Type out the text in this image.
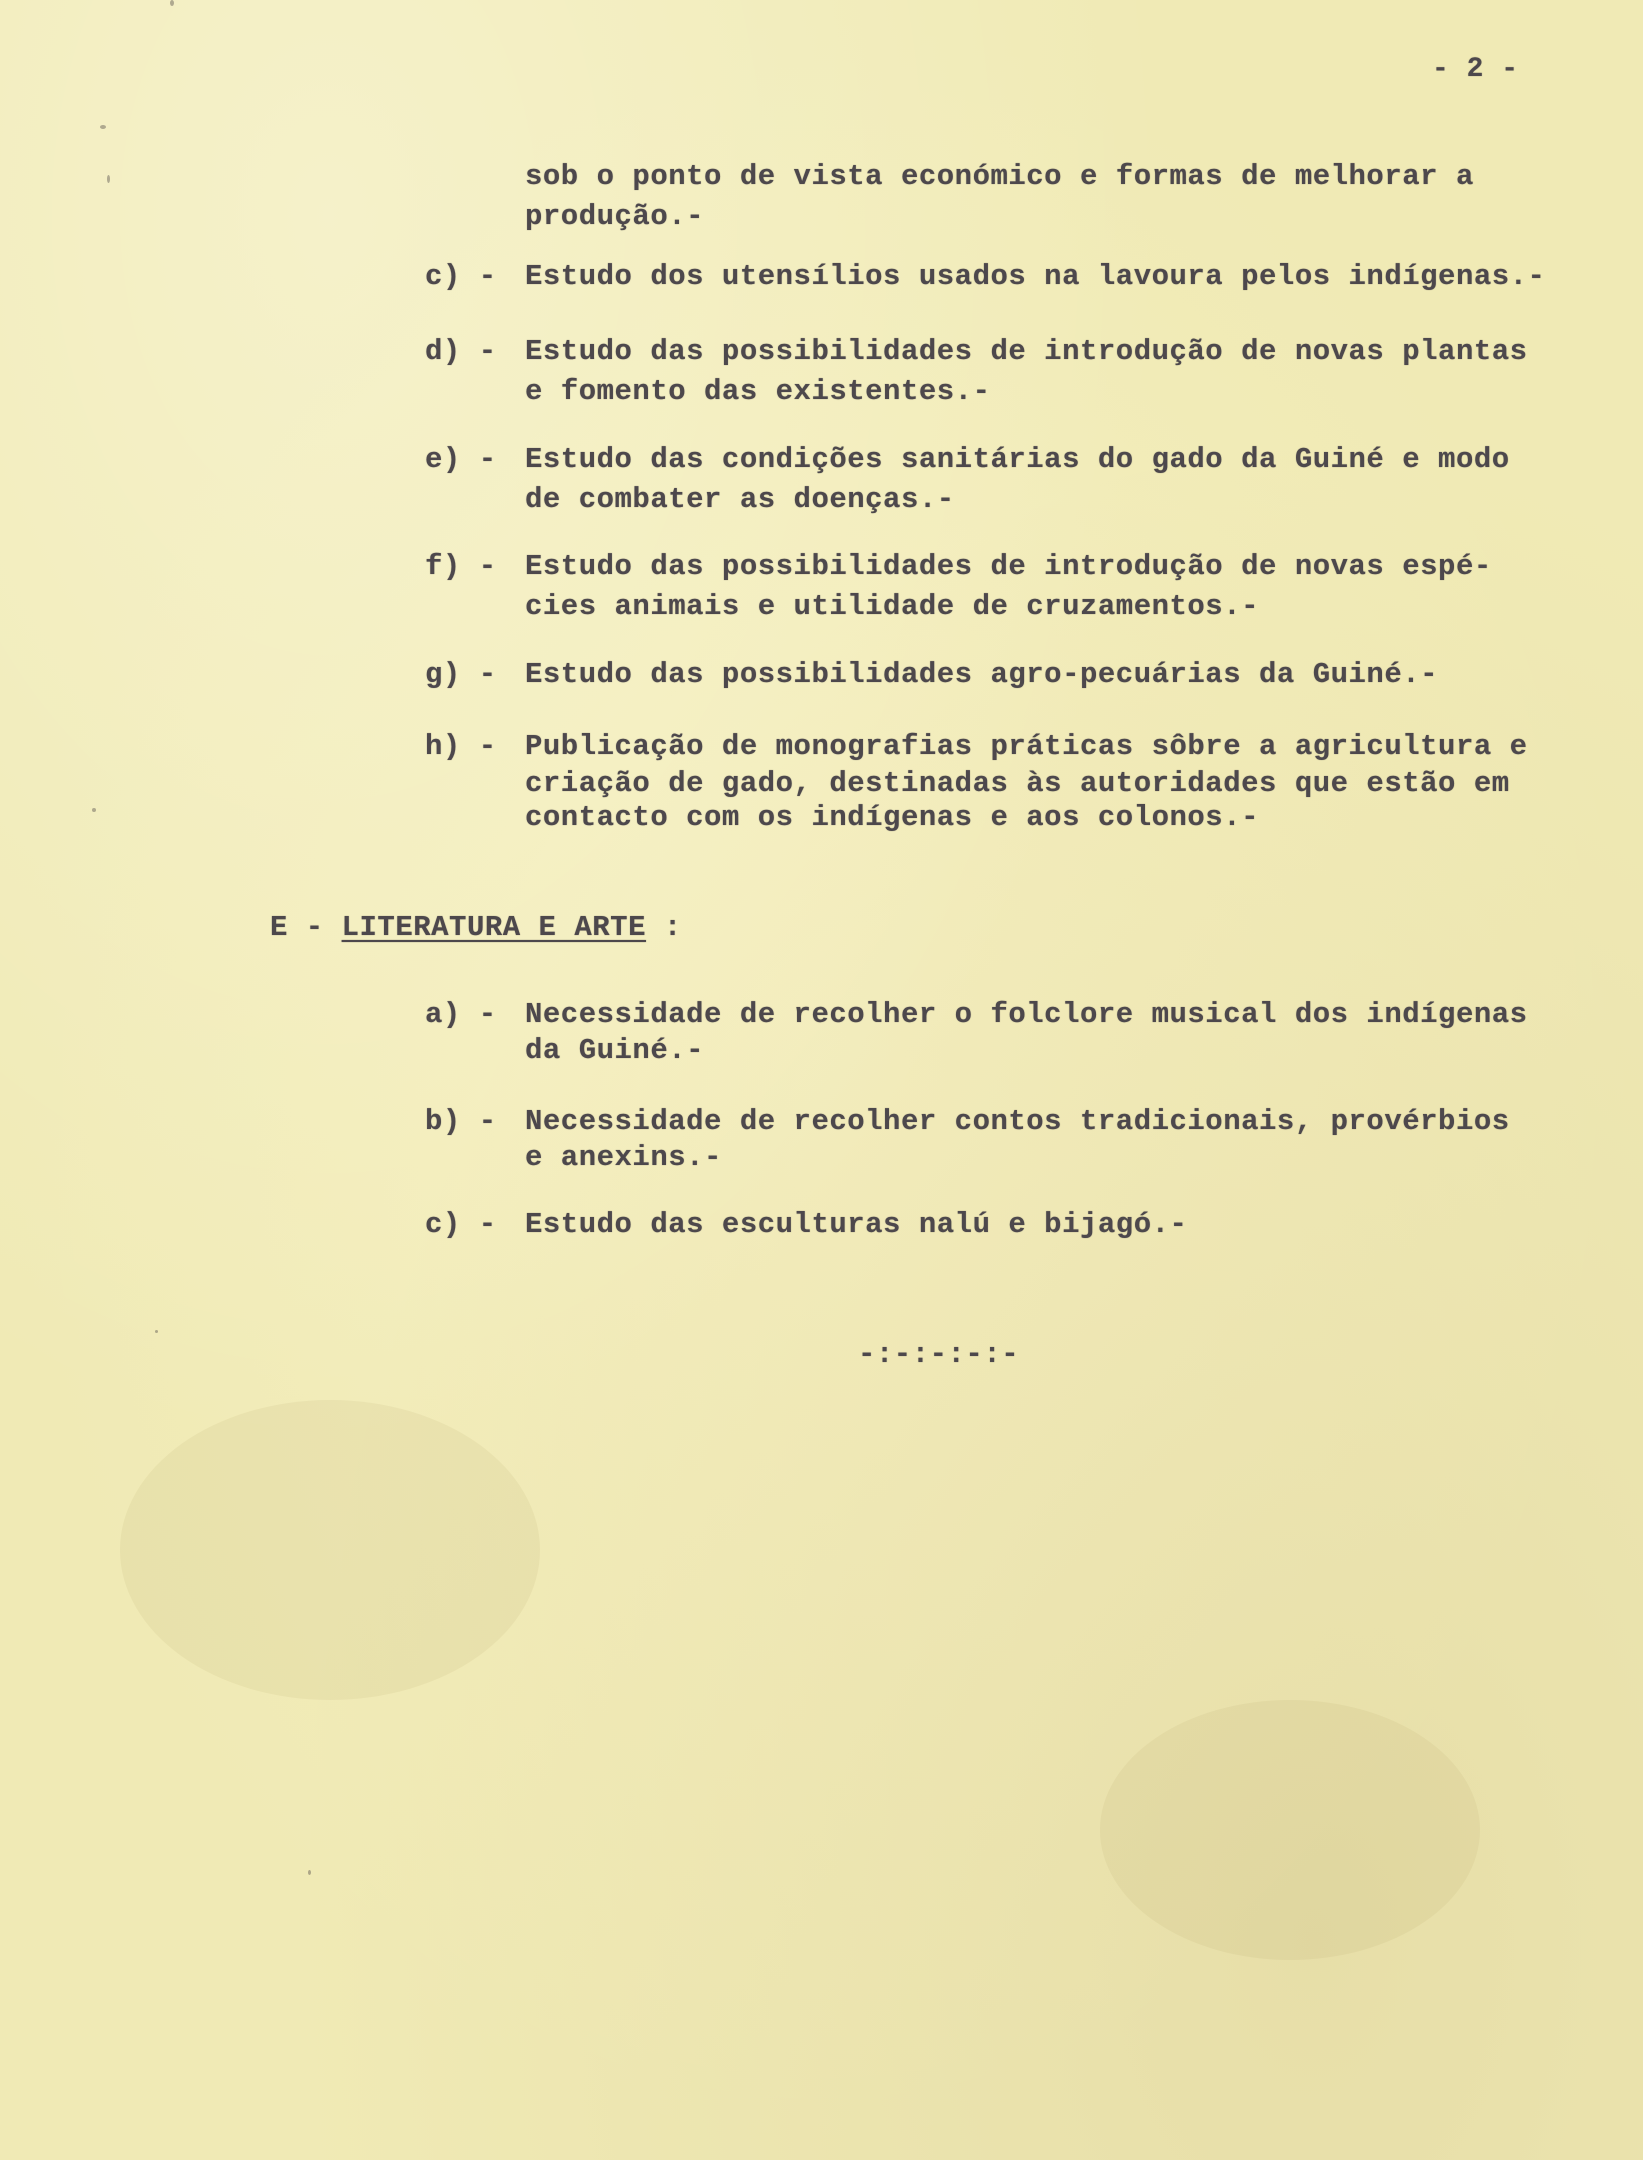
- 2 -
sob o ponto de vista económico e formas de melhorar a
produção.-
c) - Estudo dos utensílios usados na lavoura pelos indígenas.-
d) - Estudo das possibilidades de introdução de novas plantas
e fomento das existentes.-
e) - Estudo das condições sanitárias do gado da Guiné e modo
de combater as doenças.-
f) - Estudo das possibilidades de introdução de novas espé-
cies animais e utilidade de cruzamentos.-
g) - Estudo das possibilidades agro-pecuárias da Guiné.-
h) - Publicação de monografias práticas sôbre a agricultura e
criação de gado, destinadas às autoridades que estão em
contacto com os indígenas e aos colonos.-
E - LITERATURA E ARTE :
a) - Necessidade de recolher o folclore musical dos indígenas
da Guiné.-
b) - Necessidade de recolher contos tradicionais, provérbios
e anexins.-
c) - Estudo das esculturas nalú e bijagó.-
-:-:-:-:-
